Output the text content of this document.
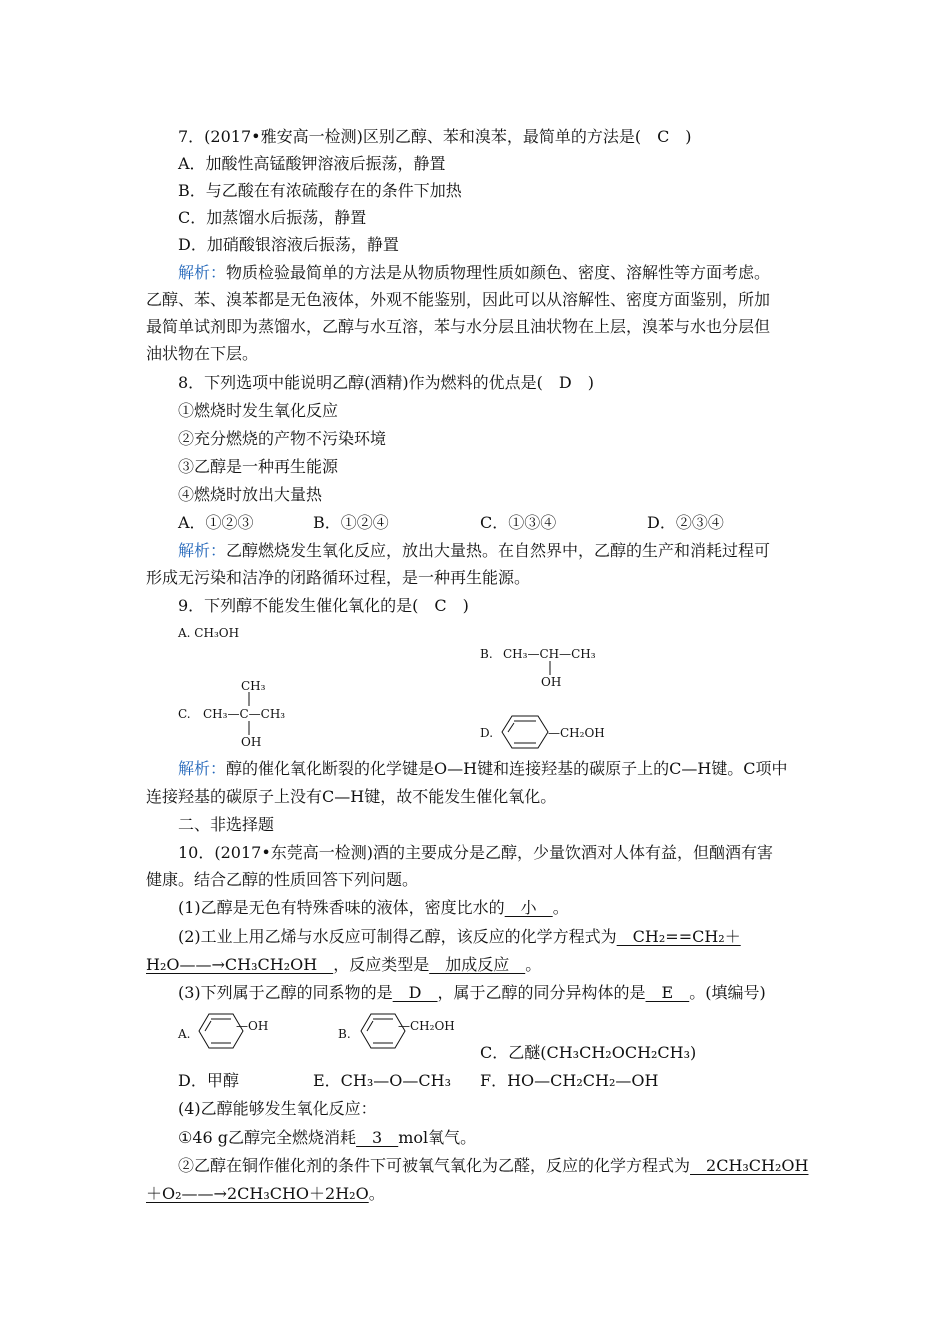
7．(2017•雅安高一检测)区别乙醇、苯和溴苯，最简单的方法是(　C　)
A．加酸性高锰酸钾溶液后振荡，静置
B．与乙酸在有浓硫酸存在的条件下加热
C．加蒸馏水后振荡，静置
D．加硝酸银溶液后振荡，静置
解析：物质检验最简单的方法是从物质物理性质如颜色、密度、溶解性等方面考虑。
乙醇、苯、溴苯都是无色液体，外观不能鉴别，因此可以从溶解性、密度方面鉴别，所加
最简单试剂即为蒸馏水，乙醇与水互溶，苯与水分层且油状物在上层，溴苯与水也分层但
油状物在下层。
8．下列选项中能说明乙醇(酒精)作为燃料的优点是(　D　)
①燃烧时发生氧化反应
②充分燃烧的产物不污染环境
③乙醇是一种再生能源
④燃烧时放出大量热
A．①②③	B．①②④	C．①③④	D．②③④
解析：乙醇燃烧发生氧化反应，放出大量热。在自然界中，乙醇的生产和消耗过程可
形成无污染和洁净的闭路循环过程，是一种再生能源。
9．下列醇不能发生催化氧化的是(　C　)
A. CH₃OH
B. CH₃—CH—CH₃
OH
C.
CH₃
CH₃—C—CH₃
OH
D.	—CH₂OH
解析：醇的催化氧化断裂的化学键是O—H键和连接羟基的碳原子上的C—H键。C项中
连接羟基的碳原子上没有C—H键，故不能发生催化氧化。
二、非选择题
10．(2017•东莞高一检测)酒的主要成分是乙醇，少量饮酒对人体有益，但酗酒有害
健康。结合乙醇的性质回答下列问题。
(1)乙醇是无色有特殊香味的液体，密度比水的　小　。
(2)工业上用乙烯与水反应可制得乙醇，该反应的化学方程式为　CH₂==CH₂＋
H₂O——→CH₃CH₂OH　，反应类型是　加成反应　。
(3)下列属于乙醇的同系物的是　D　，属于乙醇的同分异构体的是　E　。(填编号)
A.
—OH
B.
—CH₂OH
C．乙醚(CH₃CH₂OCH₂CH₃)
D．甲醇	E．CH₃—O—CH₃ F．HO—CH₂CH₂—OH
(4)乙醇能够发生氧化反应：
①46 g乙醇完全燃烧消耗　3　mol氧气。
②乙醇在铜作催化剂的条件下可被氧气氧化为乙醛，反应的化学方程式为　2CH₃CH₂OH
＋O₂——→2CH₃CHO＋2H₂O。
